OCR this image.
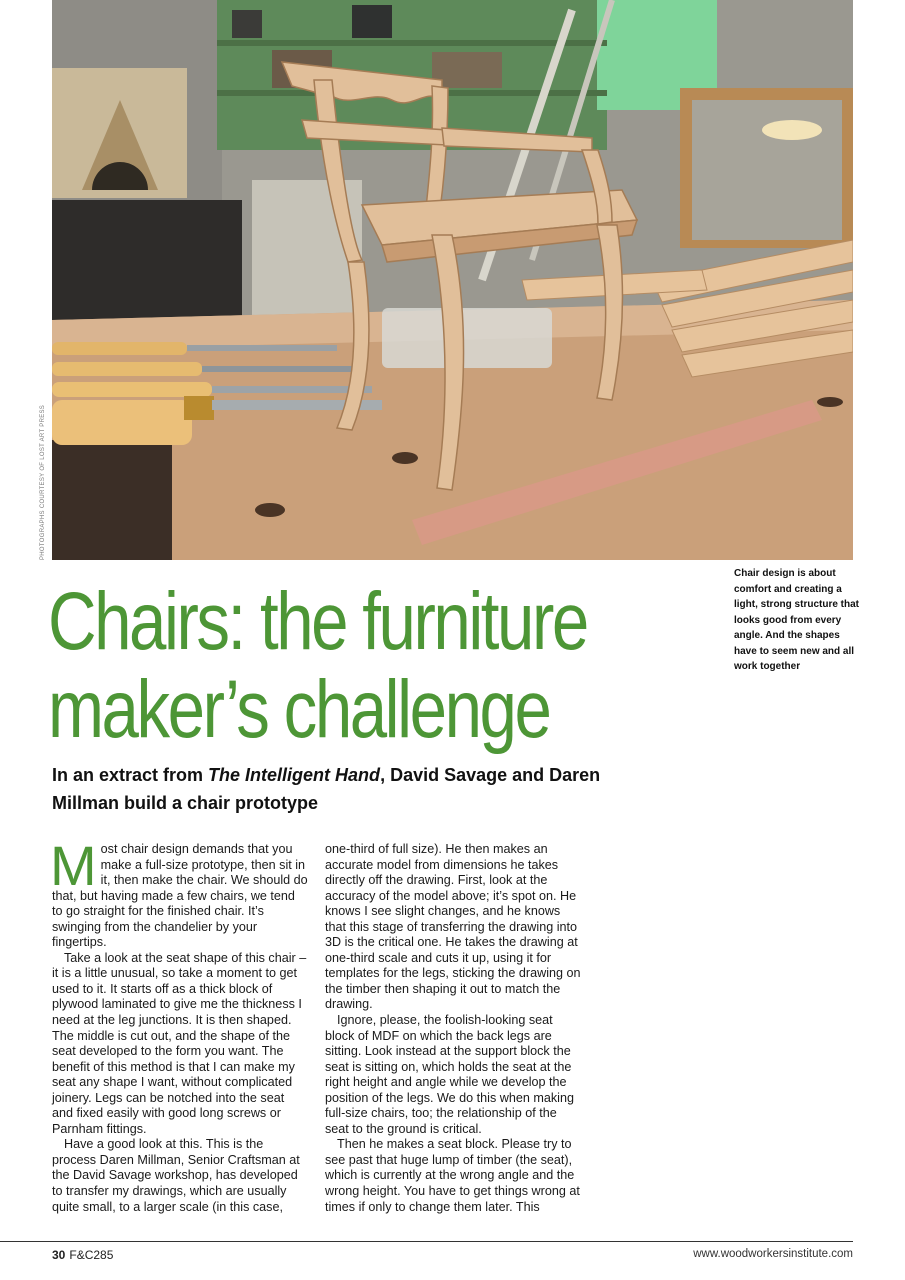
PHOTOGRAPHS COURTESY OF LOST ART PRESS
Chair design is about comfort and creating a light, strong structure that looks good from every angle. And the shapes have to seem new and all work together
Chairs: the furniture
maker’s challenge

In an extract from The Intelligent Hand, David Savage and Daren Millman build a chair prototype

Most chair design demands that you make a full-size prototype, then sit in it, then make the chair. We should do that, but having made a few chairs, we tend to go straight for the finished chair. It’s swinging from the chandelier by your fingertips.

Take a look at the seat shape of this chair – it is a little unusual, so take a moment to get used to it. It starts off as a thick block of plywood laminated to give me the thickness I need at the leg junctions. It is then shaped. The middle is cut out, and the shape of the seat developed to the form you want. The benefit of this method is that I can make my seat any shape I want, without complicated joinery. Legs can be notched into the seat and fixed easily with good long screws or Parnham fittings.

Have a good look at this. This is the process Daren Millman, Senior Craftsman at the David Savage workshop, has developed to transfer my drawings, which are usually quite small, to a larger scale (in this case,

one-third of full size). He then makes an accurate model from dimensions he takes directly off the drawing. First, look at the accuracy of the model above; it’s spot on. He knows I see slight changes, and he knows that this stage of transferring the drawing into 3D is the critical one. He takes the drawing at one-third scale and cuts it up, using it for templates for the legs, sticking the drawing on the timber then shaping it out to match the drawing.

Ignore, please, the foolish-looking seat block of MDF on which the back legs are sitting. Look instead at the support block the seat is sitting on, which holds the seat at the right height and angle while we develop the position of the legs. We do this when making full-size chairs, too; the relationship of the seat to the ground is critical.

Then he makes a seat block. Please try to see past that huge lump of timber (the seat), which is currently at the wrong angle and the wrong height. You have to get things wrong at times if only to change them later. This

30 F&C285	www.woodworkersinstitute.com
